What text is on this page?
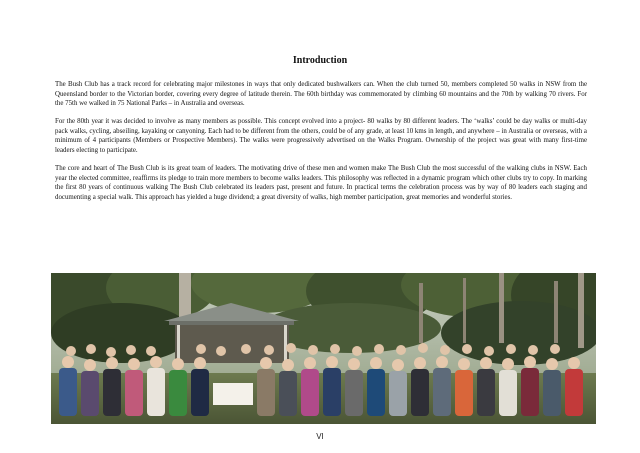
Introduction

The Bush Club has a track record for celebrating major milestones in ways that only dedicated bushwalkers can. When the club turned 50, members completed 50 walks in NSW from the Queensland border to the Victorian border, covering every degree of latitude therein. The 60th birthday was commemorated by climbing 60 mountains and the 70th by walking 70 rivers. For the 75th we walked in 75 National Parks – in Australia and overseas.

For the 80th year it was decided to involve as many members as possible. This concept evolved into a project- 80 walks by 80 different leaders. The ‘walks’ could be day walks or multi-day pack walks, cycling, abseiling, kayaking or canyoning. Each had to be different from the others, could be of any grade, at least 10 kms in length, and anywhere – in Australia or overseas, with a minimum of 4 participants (Members or Prospective Members). The walks were progressively advertised on the Walks Program. Ownership of the project was great with many first-time leaders electing to participate.

The core and heart of The Bush Club is its great team of leaders. The motivating drive of these men and women make The Bush Club the most successful of the walking clubs in NSW. Each year the elected committee, reaffirms its pledge to train more members to become walks leaders. This philosophy was reflected in a dynamic program which other clubs try to copy. In marking the first 80 years of continuous walking The Bush Club celebrated its leaders past, present and future. In practical terms the celebration process was by way of 80 leaders each staging and documenting a special walk. This approach has yielded a huge dividend; a great diversity of walks, high member participation, great memories and wonderful stories.

VI
